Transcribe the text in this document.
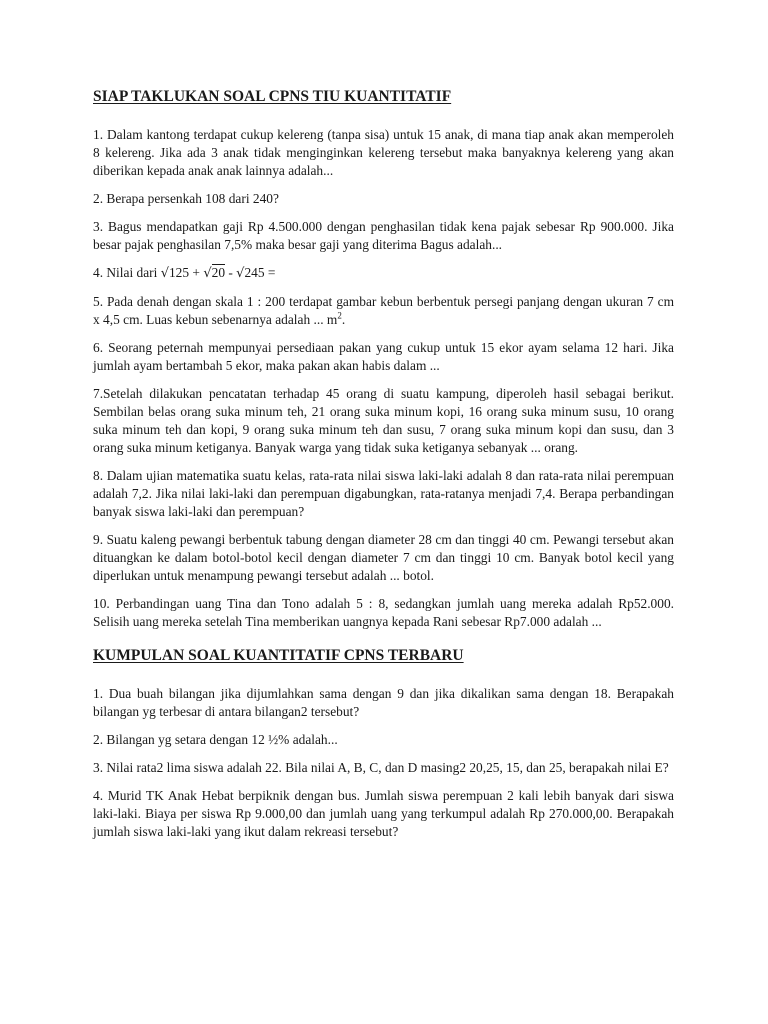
SIAP TAKLUKAN SOAL CPNS TIU KUANTITATIF

1. Dalam kantong terdapat cukup kelereng (tanpa sisa) untuk 15 anak, di mana tiap anak akan memperoleh 8 kelereng. Jika ada 3 anak tidak menginginkan kelereng tersebut maka banyaknya kelereng yang akan diberikan kepada anak anak lainnya adalah...

2. Berapa persenkah 108 dari 240?

3. Bagus mendapatkan gaji Rp 4.500.000 dengan penghasilan tidak kena pajak sebesar Rp 900.000. Jika besar pajak penghasilan 7,5% maka besar gaji yang diterima Bagus adalah...

4. Nilai dari √125 + √20 - √245 =

5. Pada denah dengan skala 1 : 200 terdapat gambar kebun berbentuk persegi panjang dengan ukuran 7 cm x 4,5 cm. Luas kebun sebenarnya adalah ... $m^2$.

6. Seorang peternah mempunyai persediaan pakan yang cukup untuk 15 ekor ayam selama 12 hari. Jika jumlah ayam bertambah 5 ekor, maka pakan akan habis dalam ...

7.Setelah dilakukan pencatatan terhadap 45 orang di suatu kampung, diperoleh hasil sebagai berikut. Sembilan belas orang suka minum teh, 21 orang suka minum kopi, 16 orang suka minum susu, 10 orang suka minum teh dan kopi, 9 orang suka minum teh dan susu, 7 orang suka minum kopi dan susu, dan 3 orang suka minum ketiganya. Banyak warga yang tidak suka ketiganya sebanyak ... orang.

8. Dalam ujian matematika suatu kelas, rata-rata nilai siswa laki-laki adalah 8 dan rata-rata nilai perempuan adalah 7,2. Jika nilai laki-laki dan perempuan digabungkan, rata-ratanya menjadi 7,4. Berapa perbandingan banyak siswa laki-laki dan perempuan?

9. Suatu kaleng pewangi berbentuk tabung dengan diameter 28 cm dan tinggi 40 cm. Pewangi tersebut akan dituangkan ke dalam botol-botol kecil dengan diameter 7 cm dan tinggi 10 cm. Banyak botol kecil yang diperlukan untuk menampung pewangi tersebut adalah ... botol.

10. Perbandingan uang Tina dan Tono adalah 5 : 8, sedangkan jumlah uang mereka adalah Rp52.000. Selisih uang mereka setelah Tina memberikan uangnya kepada Rani sebesar Rp7.000 adalah ...

KUMPULAN SOAL KUANTITATIF CPNS TERBARU

1. Dua buah bilangan jika dijumlahkan sama dengan 9 dan jika dikalikan sama dengan 18. Berapakah bilangan yg terbesar di antara bilangan2 tersebut?

2. Bilangan yg setara dengan 12 ½% adalah...

3. Nilai rata2 lima siswa adalah 22. Bila nilai A, B, C, dan D masing2 20,25, 15, dan 25, berapakah nilai E?

4. Murid TK Anak Hebat berpiknik dengan bus. Jumlah siswa perempuan 2 kali lebih banyak dari siswa laki-laki. Biaya per siswa Rp 9.000,00 dan jumlah uang yang terkumpul adalah Rp 270.000,00. Berapakah jumlah siswa laki-laki yang ikut dalam rekreasi tersebut?
